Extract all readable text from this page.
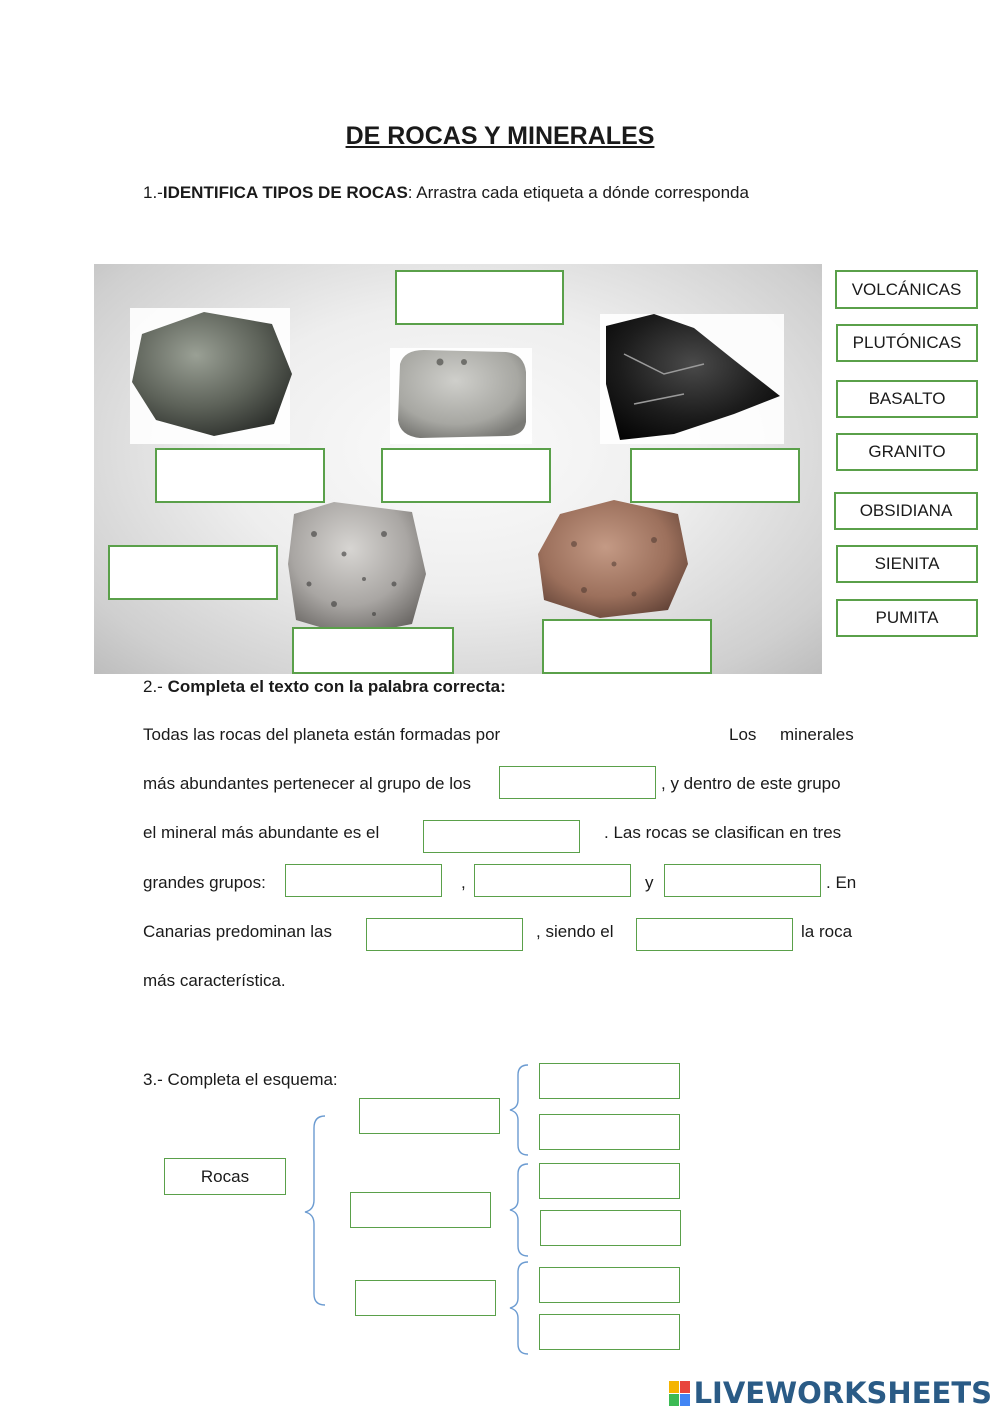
DE ROCAS Y MINERALES
1.-IDENTIFICA TIPOS DE ROCAS: Arrastra cada etiqueta a dónde corresponda
VOLCÁNICAS
PLUTÓNICAS
BASALTO
GRANITO
OBSIDIANA
SIENITA
PUMITA
2.- Completa el texto con la palabra correcta:
Todas las rocas del planeta están formadas por	Los     minerales
más abundantes pertenecer al grupo de los	, y dentro de este grupo
el mineral más abundante es el	. Las rocas se clasifican en tres
grandes grupos:	,	y	. En
Canarias predominan las	, siendo el	la roca
más característica.
3.- Completa el esquema:
Rocas
LIVEWORKSHEETS
